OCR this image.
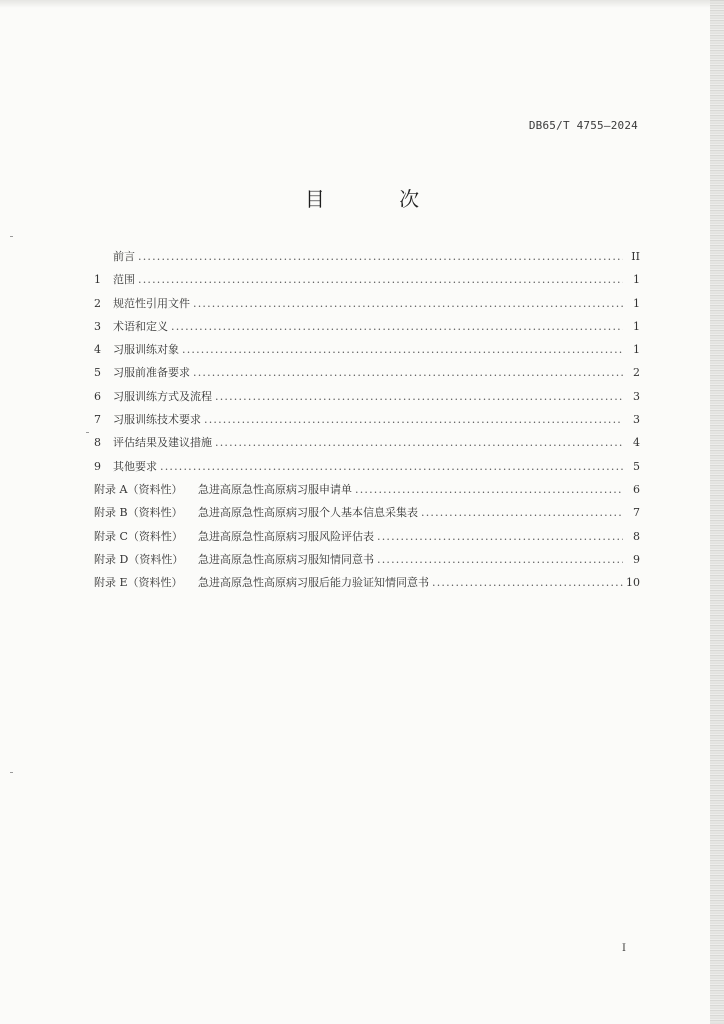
DB65/T 4755—2024
目 次
前言 .....	II
1	范围 .....	1
2	规范性引用文件 .....	1
3	术语和定义 .....	1
4	习服训练对象 .....	1
5	习服前准备要求 .....	2
6	习服训练方式及流程 .....	3
7	习服训练技术要求 .....	3
8	评估结果及建议措施 .....	4
9	其他要求 .....	5
附录 A（资料性）	急进高原急性高原病习服申请单 .....	6
附录 B（资料性）	急进高原急性高原病习服个人基本信息采集表 .....	7
附录 C（资料性）	急进高原急性高原病习服风险评估表 .....	8
附录 D（资料性）	急进高原急性高原病习服知情同意书 .....	9
附录 E（资料性）	急进高原急性高原病习服后能力验证知情同意书 .....	10
I
